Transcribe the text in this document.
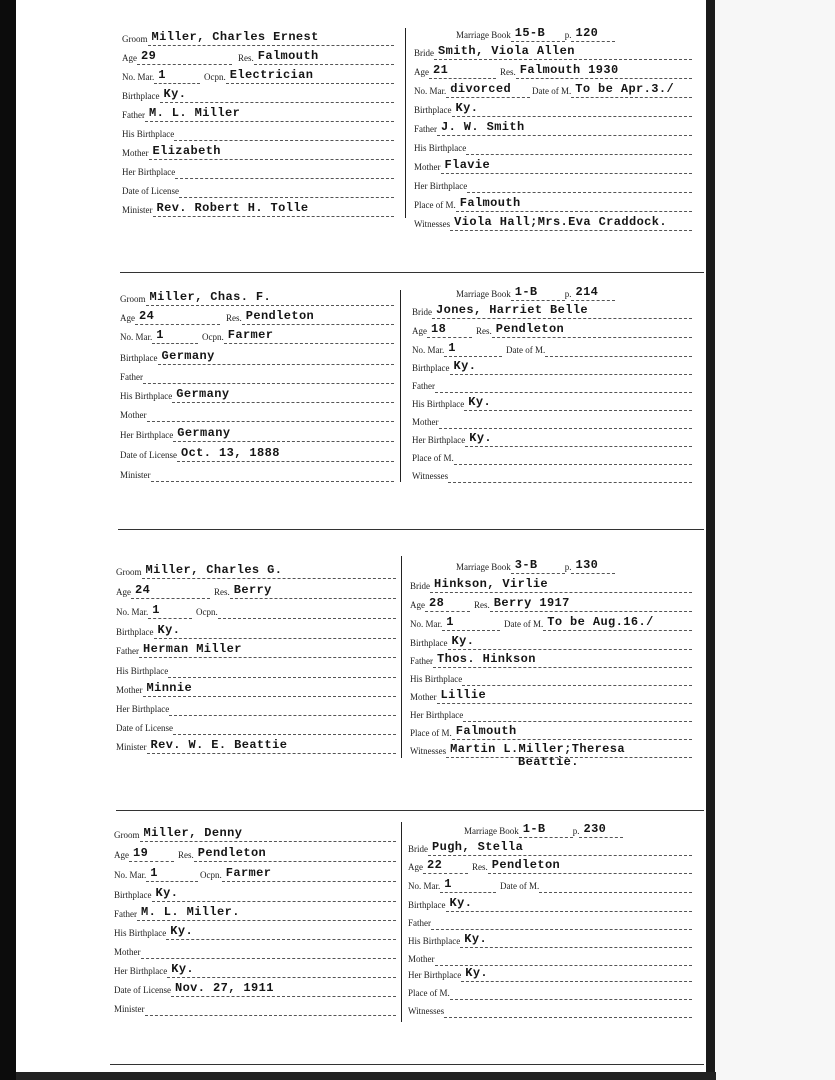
Groom Miller, Charles Ernest
Age 29	Res. Falmouth
No. Mar. 1	Ocpn. Electrician
Birthplace Ky.
Father M. L. Miller
His Birthplace
Mother Elizabeth
Her Birthplace
Date of License
Minister Rev. Robert H. Tolle
Marriage Book 15-B	p. 120
Bride Smith, Viola Allen
Age 21	Res. Falmouth 1930
No. Mar. divorced	Date of M. To be Apr.3./
Birthplace Ky.
Father J. W. Smith
His Birthplace
Mother Flavie
Her Birthplace
Place of M. Falmouth
Witnesses Viola Hall;Mrs.Eva Craddock.
Groom Miller, Chas. F.
Age 24	Res. Pendleton
No. Mar. 1	Ocpn. Farmer
Birthplace Germany
Father
His Birthplace Germany
Mother
Her Birthplace Germany
Date of License Oct. 13, 1888
Minister
Marriage Book 1-B	p. 214
Bride Jones, Harriet Belle
Age 18	Res. Pendleton
No. Mar. 1	Date of M.
Birthplace Ky.
Father
His Birthplace Ky.
Mother
Her Birthplace Ky.
Place of M.
Witnesses
Groom Miller, Charles G.
Age 24	Res. Berry
No. Mar. 1	Ocpn.
Birthplace Ky.
Father Herman Miller
His Birthplace
Mother Minnie
Her Birthplace
Date of License
Minister Rev. W. E. Beattie
Marriage Book 3-B	p. 130
Bride Hinkson, Virlie
Age 28	Res. Berry 1917
No. Mar. 1	Date of M. To be Aug.16./
Birthplace Ky.
Father Thos. Hinkson
His Birthplace
Mother Lillie
Her Birthplace
Place of M. Falmouth
Witnesses Martin L.Miller;Theresa
Beattie.
Groom Miller, Denny
Age 19	Res. Pendleton
No. Mar. 1	Ocpn. Farmer
Birthplace Ky.
Father M. L. Miller.
His Birthplace Ky.
Mother
Her Birthplace Ky.
Date of License Nov. 27, 1911
Minister
Marriage Book 1-B	p. 230
Bride Pugh, Stella
Age 22	Res. Pendleton
No. Mar. 1	Date of M.
Birthplace Ky.
Father
His Birthplace Ky.
Mother
Her Birthplace Ky.
Place of M.
Witnesses
